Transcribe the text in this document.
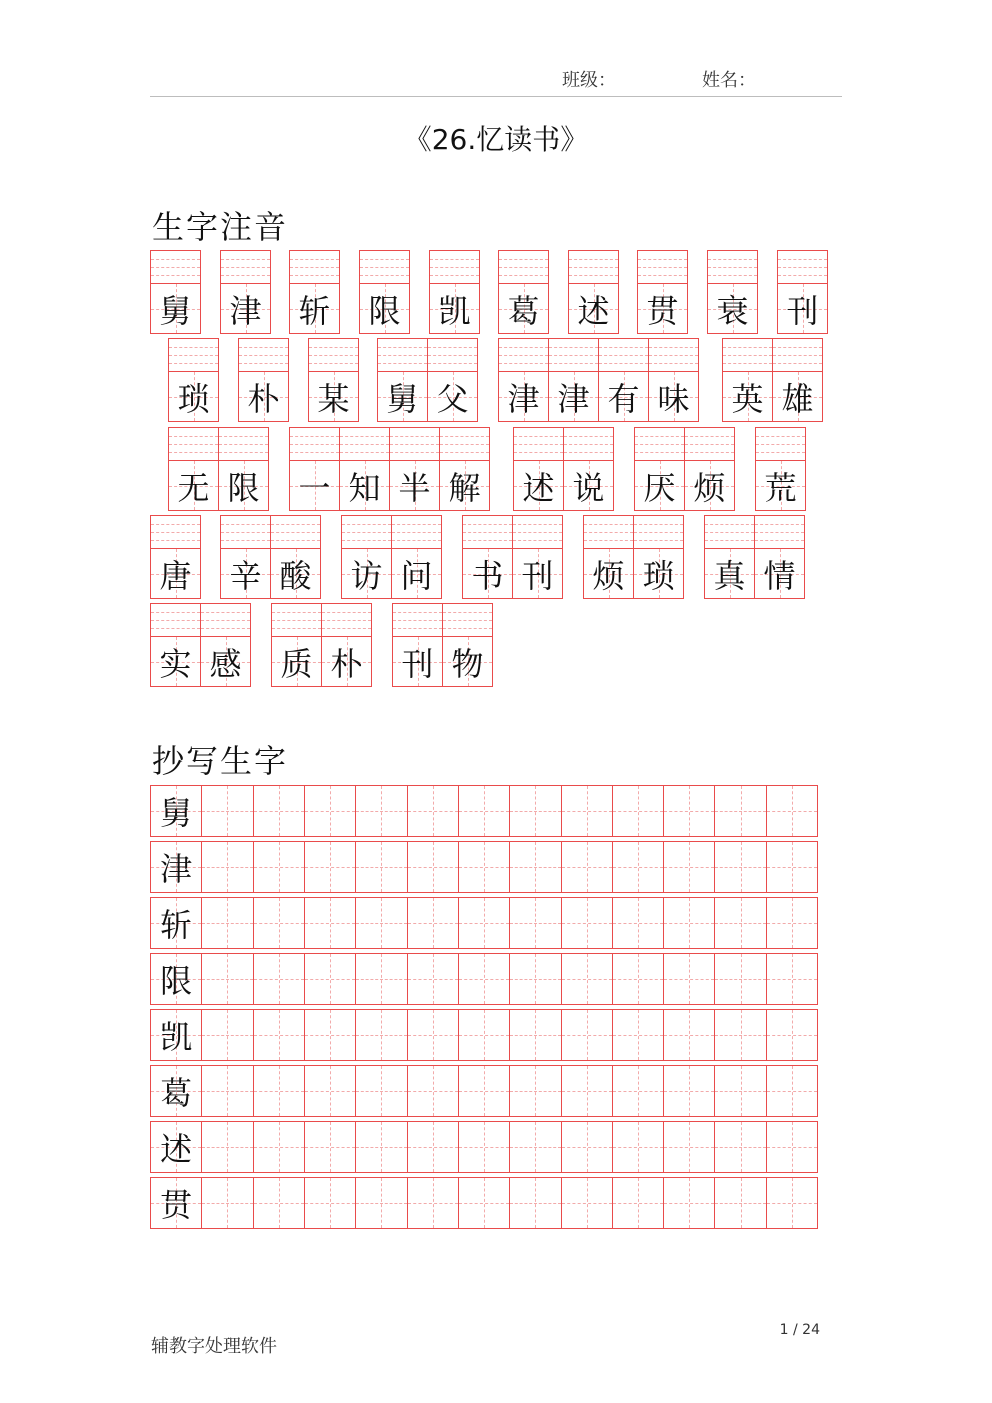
班级：	姓名：
《26.忆读书》
生字注音
舅 津 斩 限 凯 葛 述 贯 衰 刊
琐 朴 某 舅 父 津 津 有 味 英 雄
无 限 一 知 半 解 述 说 厌 烦 荒
唐 辛 酸 访 问 书 刊 烦 琐 真 情
实 感 质 朴 刊 物
抄写生字
舅
津
斩
限
凯
葛
述
贯
辅教字处理软件
1 / 24
